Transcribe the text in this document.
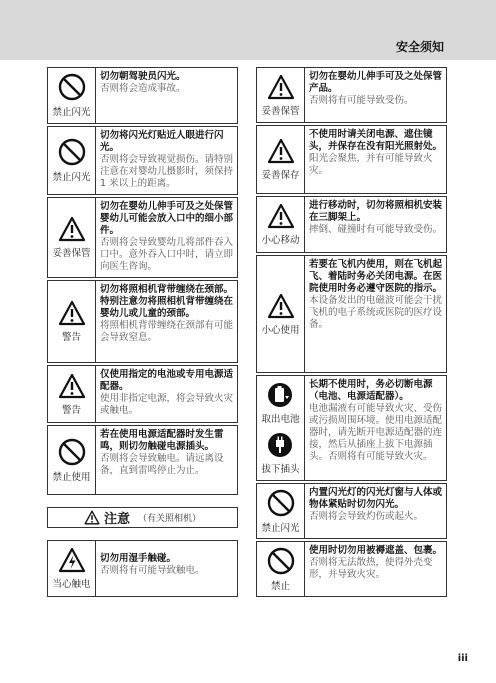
安全须知
禁止闪光
切勿朝驾驶员闪光。
否则将会造成事故。
禁止闪光
切勿将闪光灯贴近人眼进行闪光。
否则将会导致视觉损伤。请特别注意在对婴幼儿摄影时，须保持 1 米以上的距离。
妥善保管
切勿在婴幼儿伸手可及之处保管婴幼儿可能会放入口中的细小部件。
否则将会导致婴幼儿将部件吞入口中。意外吞入口中时，请立即向医生咨询。
警告
切勿将照相机背带缠绕在颈部。特别注意勿将照相机背带缠绕在婴幼儿或儿童的颈部。
将照相机背带缠绕在颈部有可能会导致窒息。
警告
仅使用指定的电池或专用电源适配器。
使用非指定电源，将会导致火灾或触电。
禁止使用
若在使用电源适配器时发生雷鸣，则切勿触碰电源插头。
否则将会导致触电。请远离设备，直到雷鸣停止为止。
注意 （有关照相机）
当心触电
切勿用湿手触碰。
否则将有可能导致触电。
妥善保管
切勿在婴幼儿伸手可及之处保管产品。
否则将有可能导致受伤。
妥善保存
不使用时请关闭电源、遮住镜头，并保存在没有阳光照射处。
阳光会聚焦，并有可能导致火灾。
小心移动
进行移动时，切勿将照相机安装在三脚架上。
摔倒、碰撞时有可能导致受伤。
小心使用
若要在飞机内使用，则在飞机起飞、着陆时务必关闭电源。在医院使用时务必遵守医院的指示。
本设备发出的电磁波可能会干扰飞机的电子系统或医院的医疗设备。
取出电池
拔下插头
长期不使用时，务必切断电源（电池、电源适配器）。
电池漏液有可能导致火灾、受伤或污损周围环境。使用电源适配器时，请先断开电源适配器的连接，然后从插座上拔下电源插头。否则将有可能导致火灾。
禁止闪光
内置闪光灯的闪光灯窗与人体或物体紧贴时切勿闪光。
否则将会导致灼伤或起火。
禁止
使用时切勿用被褥遮盖、包裹。
否则将无法散热，使得外壳变形，并导致火灾。
iii
